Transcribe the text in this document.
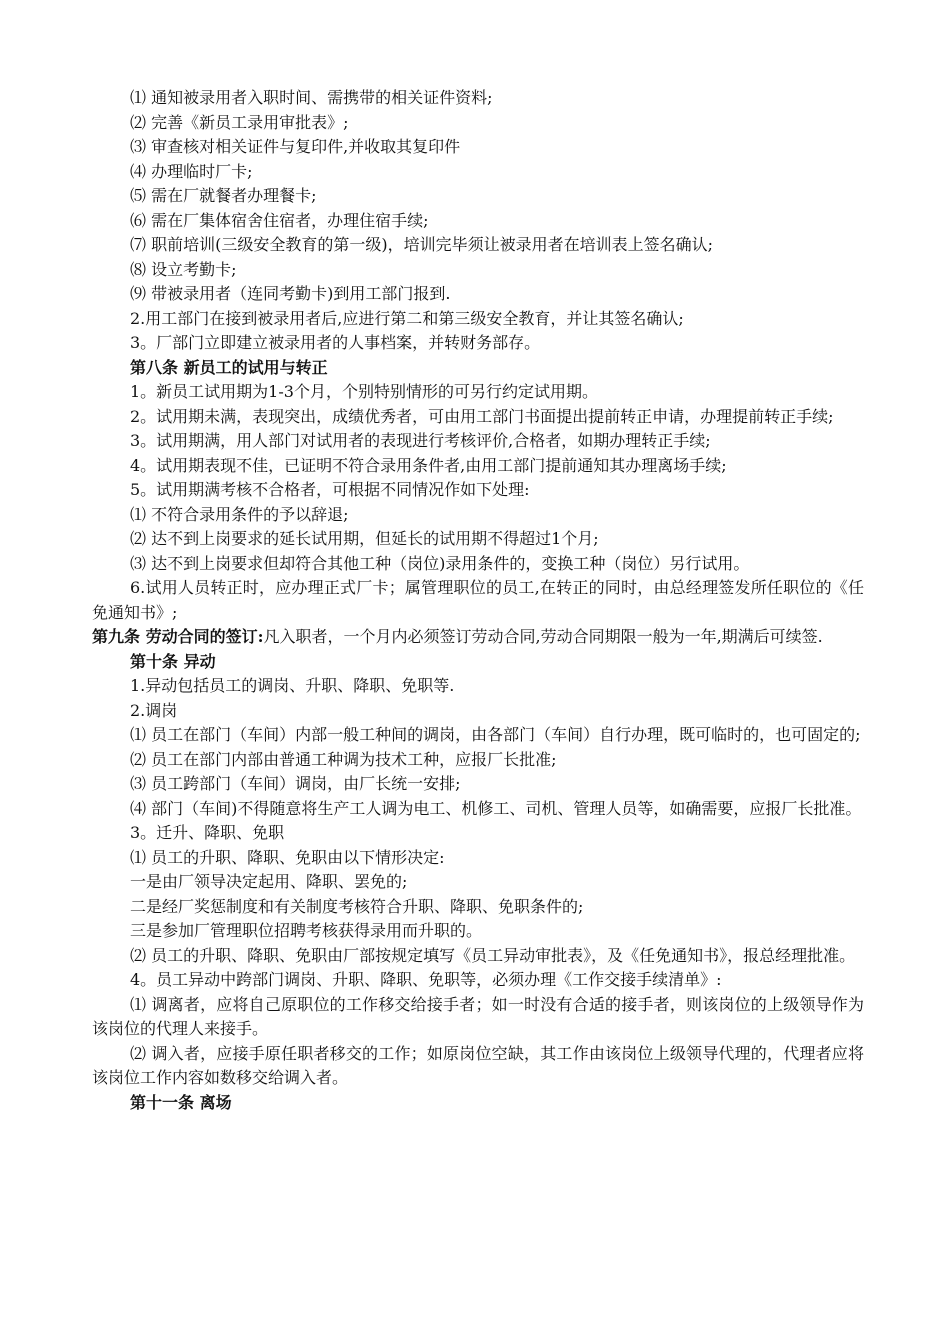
⑴ 通知被录用者入职时间、需携带的相关证件资料;

⑵ 完善《新员工录用审批表》;

⑶ 审查核对相关证件与复印件,并收取其复印件

⑷ 办理临时厂卡;

⑸ 需在厂就餐者办理餐卡;

⑹ 需在厂集体宿舍住宿者，办理住宿手续;

⑺ 职前培训(三级安全教育的第一级)，培训完毕须让被录用者在培训表上签名确认;

⑻ 设立考勤卡;

⑼ 带被录用者（连同考勤卡)到用工部门报到.

2.用工部门在接到被录用者后,应进行第二和第三级安全教育，并让其签名确认;

3。厂部门立即建立被录用者的人事档案，并转财务部存。

第八条 新员工的试用与转正

1。新员工试用期为1-3个月，个别特别情形的可另行约定试用期。

2。试用期未满，表现突出，成绩优秀者，可由用工部门书面提出提前转正申请，办理提前转正手续;

3。试用期满，用人部门对试用者的表现进行考核评价,合格者，如期办理转正手续;

4。试用期表现不佳，已证明不符合录用条件者,由用工部门提前通知其办理离场手续;

5。试用期满考核不合格者，可根据不同情况作如下处理:

⑴ 不符合录用条件的予以辞退;

⑵ 达不到上岗要求的延长试用期，但延长的试用期不得超过1个月;

⑶ 达不到上岗要求但却符合其他工种（岗位)录用条件的，变换工种（岗位）另行试用。

6.试用人员转正时，应办理正式厂卡；属管理职位的员工,在转正的同时，由总经理签发所任职位的《任免通知书》;

第九条 劳动合同的签订:凡入职者，一个月内必须签订劳动合同,劳动合同期限一般为一年,期满后可续签.

第十条 异动

1.异动包括员工的调岗、升职、降职、免职等.

2.调岗

⑴ 员工在部门（车间）内部一般工种间的调岗，由各部门（车间）自行办理，既可临时的，也可固定的;

⑵ 员工在部门内部由普通工种调为技术工种，应报厂长批准;

⑶ 员工跨部门（车间）调岗，由厂长统一安排;

⑷ 部门（车间)不得随意将生产工人调为电工、机修工、司机、管理人员等，如确需要，应报厂长批准。

3。迁升、降职、免职

⑴ 员工的升职、降职、免职由以下情形决定:

一是由厂领导决定起用、降职、罢免的;

二是经厂奖惩制度和有关制度考核符合升职、降职、免职条件的;

三是参加厂管理职位招聘考核获得录用而升职的。

⑵ 员工的升职、降职、免职由厂部按规定填写《员工异动审批表》，及《任免通知书》，报总经理批准。

4。员工异动中跨部门调岗、升职、降职、免职等，必须办理《工作交接手续清单》:

⑴ 调离者，应将自己原职位的工作移交给接手者；如一时没有合适的接手者，则该岗位的上级领导作为该岗位的代理人来接手。

⑵ 调入者，应接手原任职者移交的工作；如原岗位空缺，其工作由该岗位上级领导代理的，代理者应将该岗位工作内容如数移交给调入者。

第十一条 离场
